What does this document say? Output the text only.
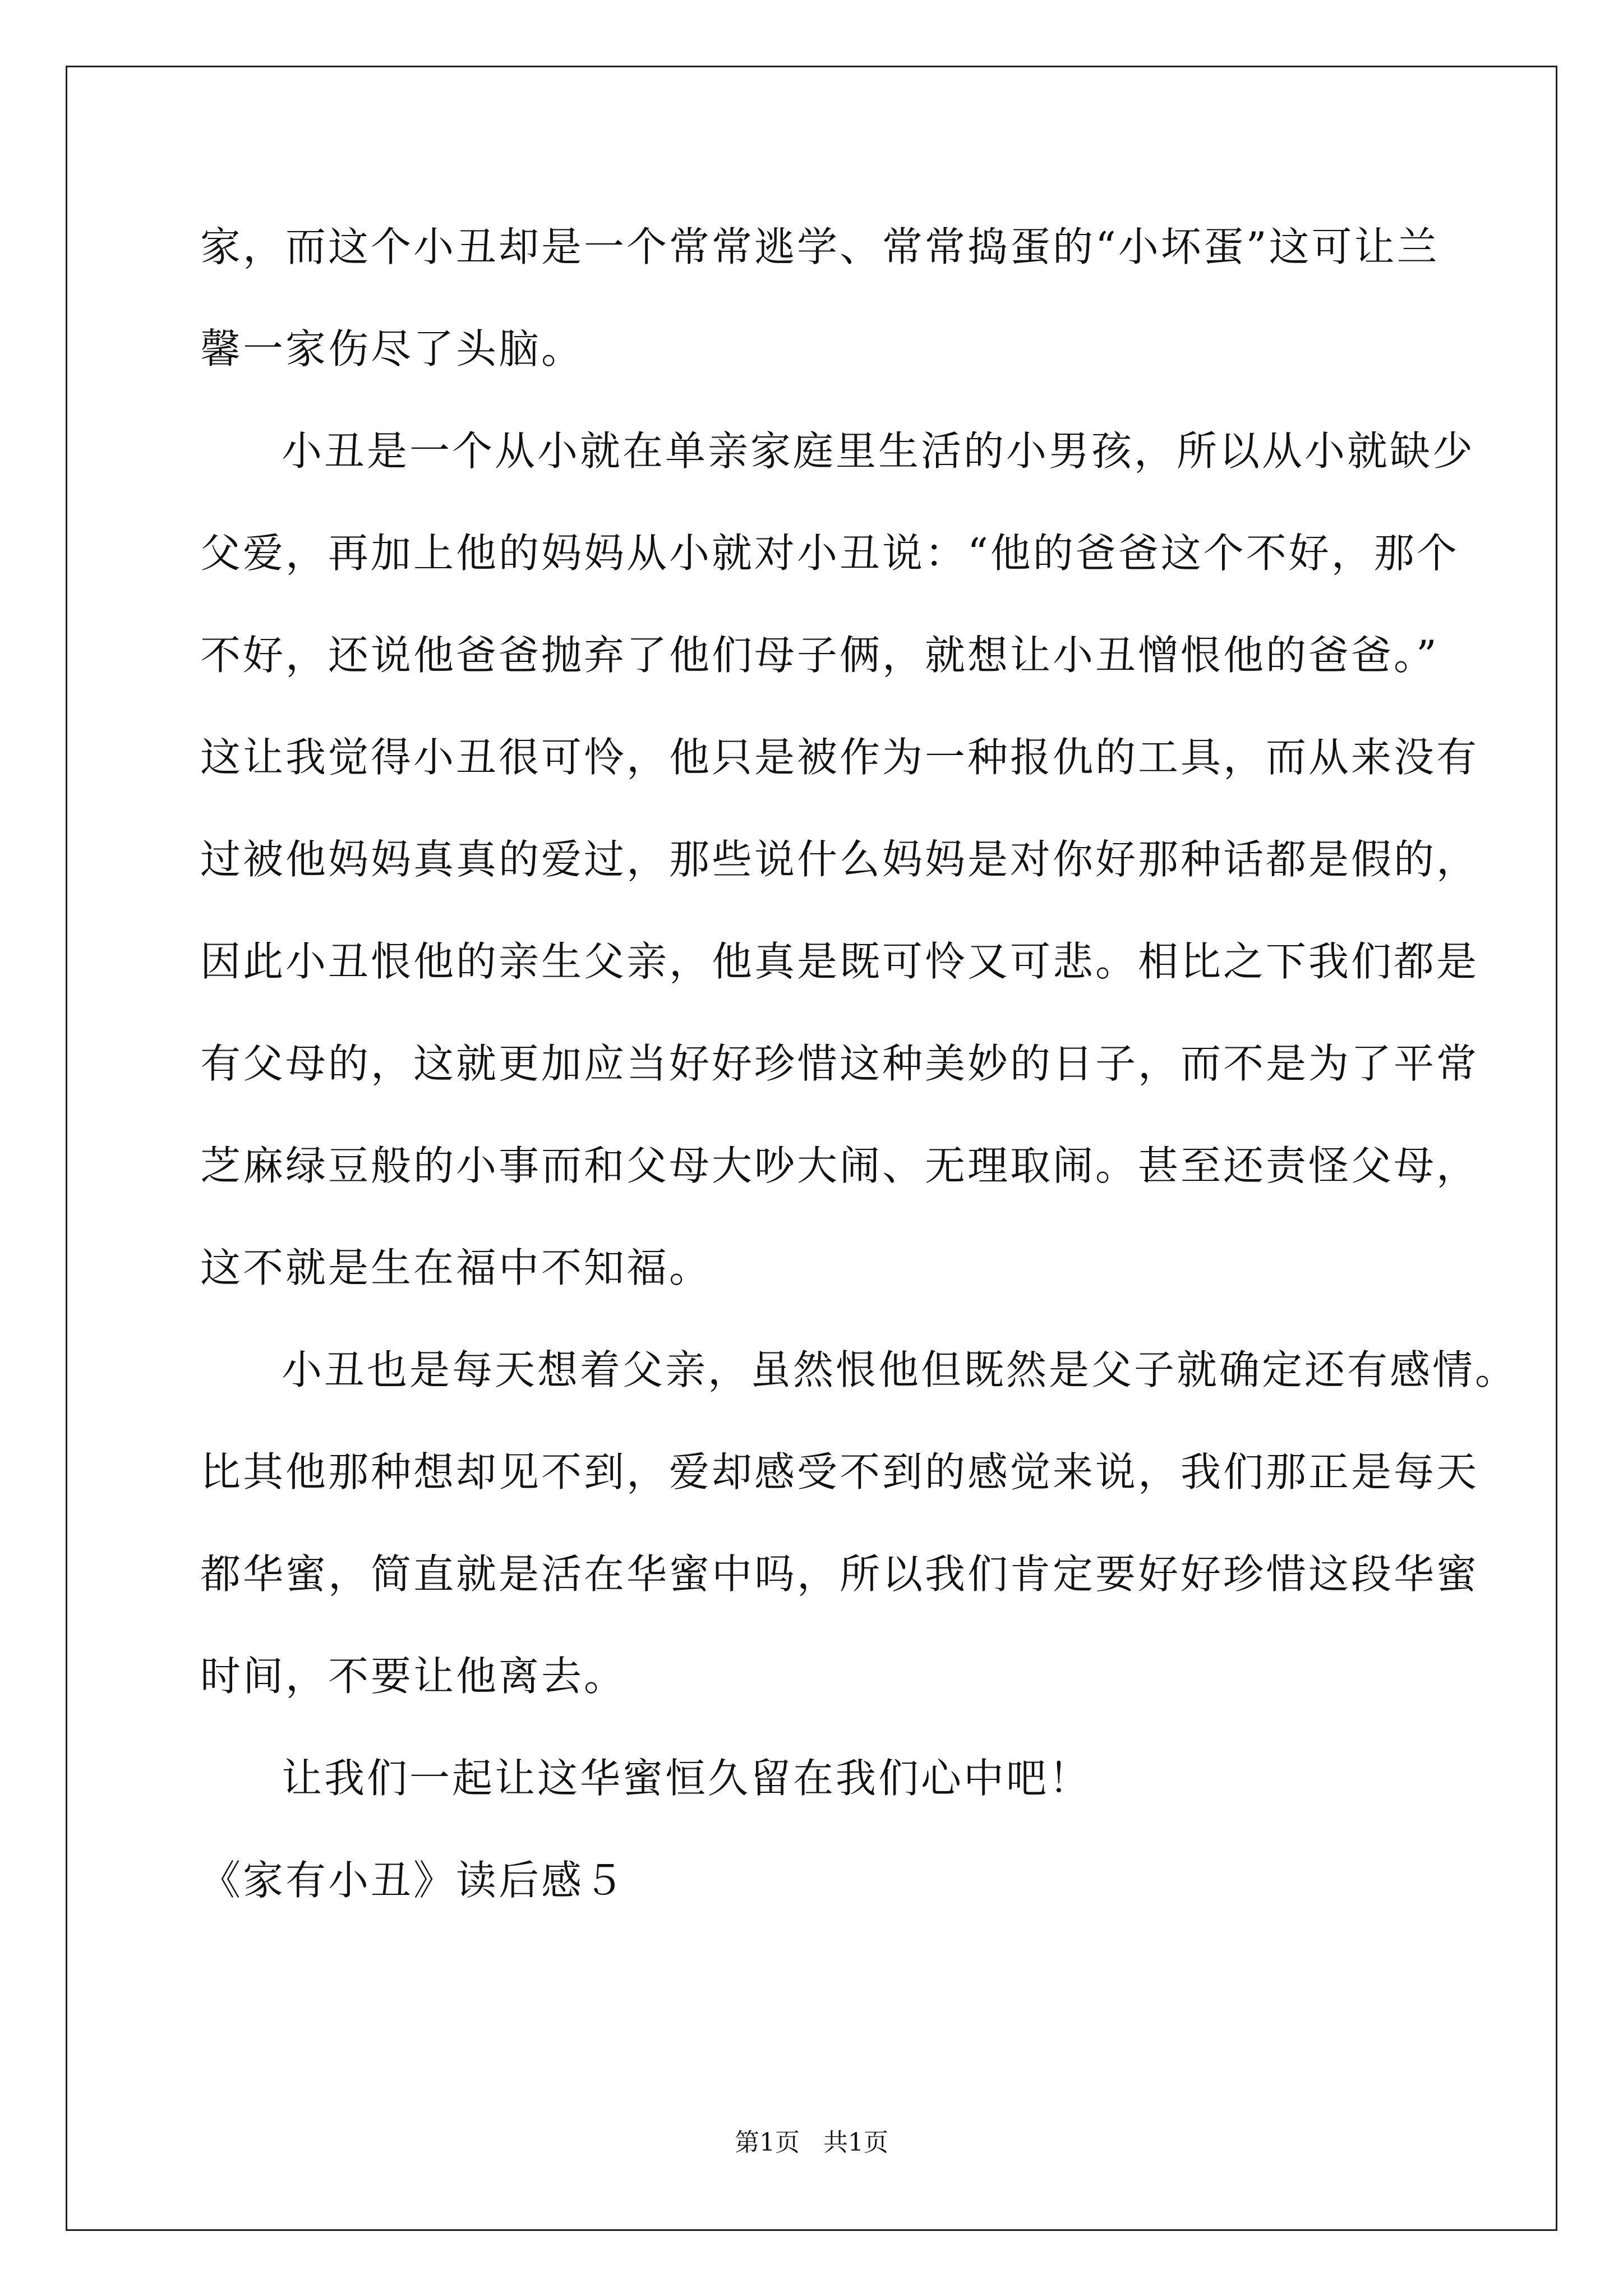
家，而这个小丑却是一个常常逃学、常常捣蛋的“小坏蛋”这可让兰
馨一家伤尽了头脑。
小丑是一个从小就在单亲家庭里生活的小男孩，所以从小就缺少
父爱，再加上他的妈妈从小就对小丑说：“他的爸爸这个不好，那个
不好，还说他爸爸抛弃了他们母子俩，就想让小丑憎恨他的爸爸。”
这让我觉得小丑很可怜，他只是被作为一种报仇的工具，而从来没有
过被他妈妈真真的爱过，那些说什么妈妈是对你好那种话都是假的，
因此小丑恨他的亲生父亲，他真是既可怜又可悲。相比之下我们都是
有父母的，这就更加应当好好珍惜这种美妙的日子，而不是为了平常
芝麻绿豆般的小事而和父母大吵大闹、无理取闹。甚至还责怪父母，
这不就是生在福中不知福。
小丑也是每天想着父亲，虽然恨他但既然是父子就确定还有感情。
比其他那种想却见不到，爱却感受不到的感觉来说，我们那正是每天
都华蜜，简直就是活在华蜜中吗，所以我们肯定要好好珍惜这段华蜜
时间，不要让他离去。
让我们一起让这华蜜恒久留在我们心中吧！
《家有小丑》读后感５
第1页   共1页
